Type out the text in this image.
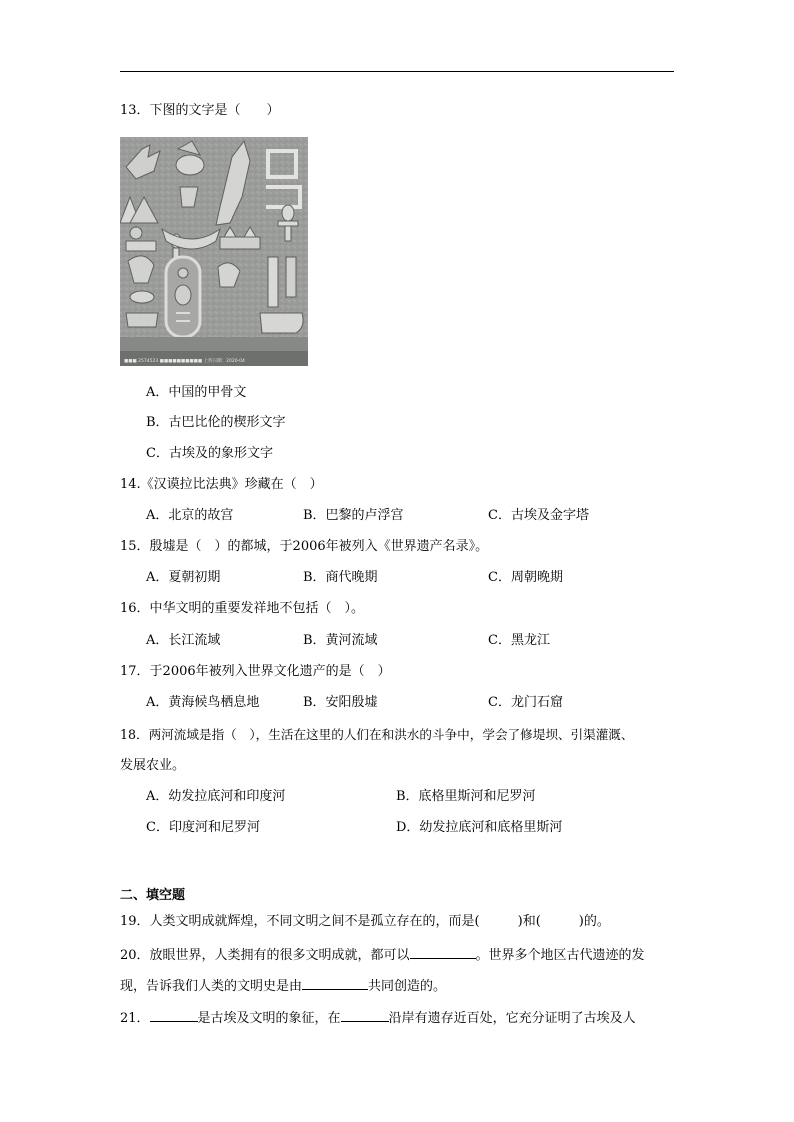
13．下图的文字是（　　）
■■■ 2574523 ■■■■■■■■■■ 上传日期：2020-04
A．中国的甲骨文
B．古巴比伦的楔形文字
C．古埃及的象形文字
14.《汉谟拉比法典》珍藏在（　）
A．北京的故宫	B．巴黎的卢浮宫	C．古埃及金字塔
15．殷墟是（　）的都城，于2006年被列入《世界遗产名录》。
A．夏朝初期	B．商代晚期	C．周朝晚期
16．中华文明的重要发祥地不包括（　）。
A．长江流域	B．黄河流域	C．黑龙江
17．于2006年被列入世界文化遗产的是（　）
A．黄海候鸟栖息地	B．安阳殷墟	C．龙门石窟
18．两河流域是指（　），生活在这里的人们在和洪水的斗争中，学会了修堤坝、引渠灌溉、
发展农业。
A．幼发拉底河和印度河	B．底格里斯河和尼罗河
C．印度河和尼罗河	D．幼发拉底河和底格里斯河
二、填空题
19．人类文明成就辉煌，不同文明之间不是孤立存在的，而是(	)和(	)的。
20．放眼世界，人类拥有的很多文明成就，都可以	。世界多个地区古代遗迹的发
现，告诉我们人类的文明史是由	共同创造的。
21．	是古埃及文明的象征，在	沿岸有遗存近百处，它充分证明了古埃及人
